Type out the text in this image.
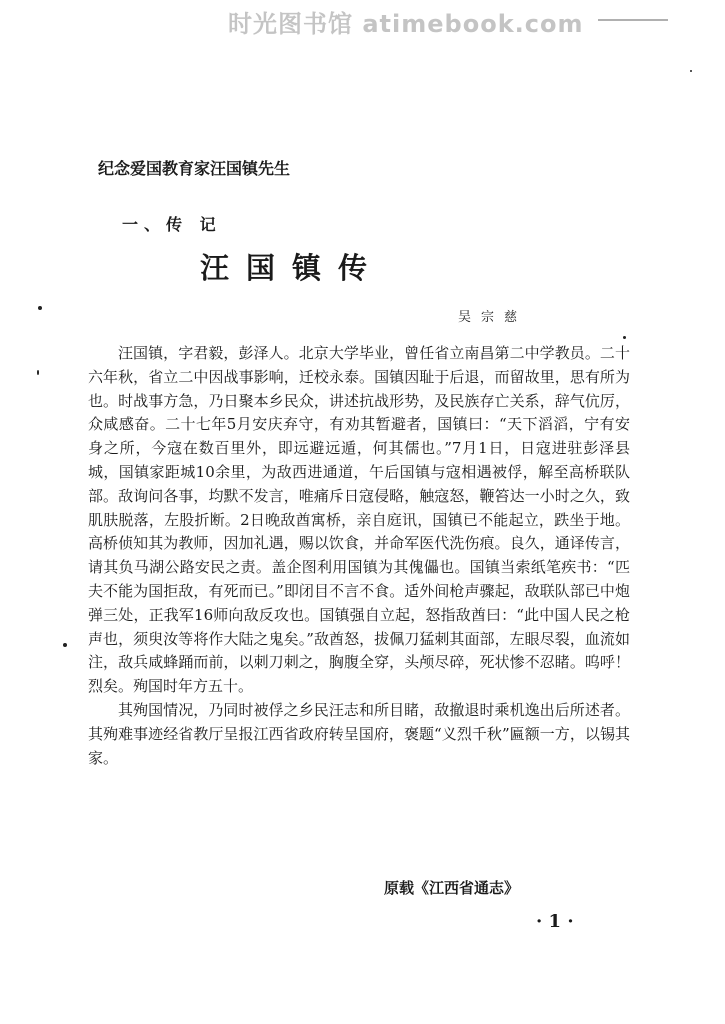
时光图书馆 atimebook.com
纪念爱国教育家汪国镇先生
一、传 记
汪国镇传
吴宗慈

汪国镇，字君毅，彭泽人。北京大学毕业，曾任省立南昌第二中学教员。二十六年秋，省立二中因战事影响，迁校永泰。国镇因耻于后退，而留故里，思有所为也。时战事方急，乃日聚本乡民众，讲述抗战形势，及民族存亡关系，辞气伉厉，众咸感奋。二十七年5月安庆弃守，有劝其暂避者，国镇曰：“天下滔滔，宁有安身之所，今寇在数百里外，即远避远遁，何其儒也。”7月1日，日寇进驻彭泽县城，国镇家距城10余里，为敌西进通道，午后国镇与寇相遇被俘，解至高桥联队部。敌询问各事，均默不发言，唯痛斥日寇侵略，触寇怒，鞭笞达一小时之久，致肌肤脱落，左股折断。2日晚敌酋寓桥，亲自庭讯，国镇已不能起立，跌坐于地。高桥侦知其为教师，因加礼遇，赐以饮食，并命军医代洗伤痕。良久，通译传言，请其负马湖公路安民之责。盖企图利用国镇为其傀儡也。国镇当索纸笔疾书：“匹夫不能为国拒敌，有死而已。”即闭目不言不食。适外间枪声骤起，敌联队部已中炮弹三处，正我军16师向敌反攻也。国镇强自立起，怒指敌酋曰：“此中国人民之枪声也，须臾汝等将作大陆之鬼矣。”敌酋怒，拔佩刀猛刺其面部，左眼尽裂，血流如注，敌兵咸蜂踊而前，以刺刀刺之，胸腹全穿，头颅尽碎，死状惨不忍睹。呜呼！烈矣。殉国时年方五十。

其殉国情况，乃同时被俘之乡民汪志和所目睹，敌撤退时乘机逸出后所述者。其殉难事迹经省教厅呈报江西省政府转呈国府，褒题“义烈千秋”匾额一方，以锡其家。

原载《江西省通志》
· 1 ·
